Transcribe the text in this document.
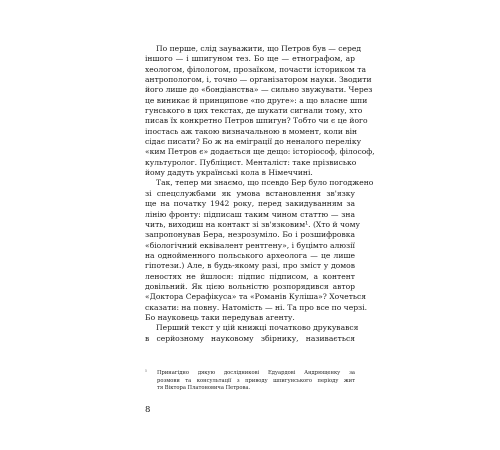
По перше, слід зауважити, що Петров був — серед
іншого — і шпигуном тез. Бо ще — етнографом, ар
хеологом, філологом, прозаїком, почасти істориком та
антропологом, і, точно — організатором науки. Зводити
його лише до «бондіанства» — сильно звужувати. Через
це виникає й принципове «по друге»: а що власне шпи
гунського в цих текстах, де шукати сигнали тому, хто
писав їх конкретно Петров шпигун? Тобто чи є це його
іпостась аж такою визначальною в момент, коли він
сідає писати? Бо ж на еміграції до неналого переліку
«ким Петров є» додається ще дещо: історіософ, філософ,
культуролог. Публіцист. Менталіст: таке прізвисько
йому дадуть українські кола в Німеччині.
Так, тепер ми знаємо, що псевдо Бер було погоджено
зі спецслужбами як умова встановлення зв'язку
ще на початку 1942 року, перед закидуванням за
лінію фронту: підписаш таким чином статтю — зна
чить, виходиш на контакт зі зв'язковим¹. (Хто й чому
запропонував Бера, незрозуміло. Бо і розшифровка
«біологічний еквівалент рентгену», і буцімто алюзії
на однойменного польського археолога — це лише
гіпотези.) Але, в будь-якому разі, про зміст у домов
леностях не йшлося: підпис підписом, а контент
довільний. Як цією вольністю розпорядився автор
«Доктора Серафікуса» та «Романів Куліша»? Хочеться
сказати: на повну. Натомість — ні. Та про все по черзі.
Бо науковець таки передував агенту.
Перший текст у цій книжці початково друкувався
в серйозному науковому збірнику, називається
¹	Принагідно дякую дослідникові Едуардові Андрющенку за
розмови та консультації з приводу шпигунського періоду жит
тя Віктора Платоновича Петрова.
8
